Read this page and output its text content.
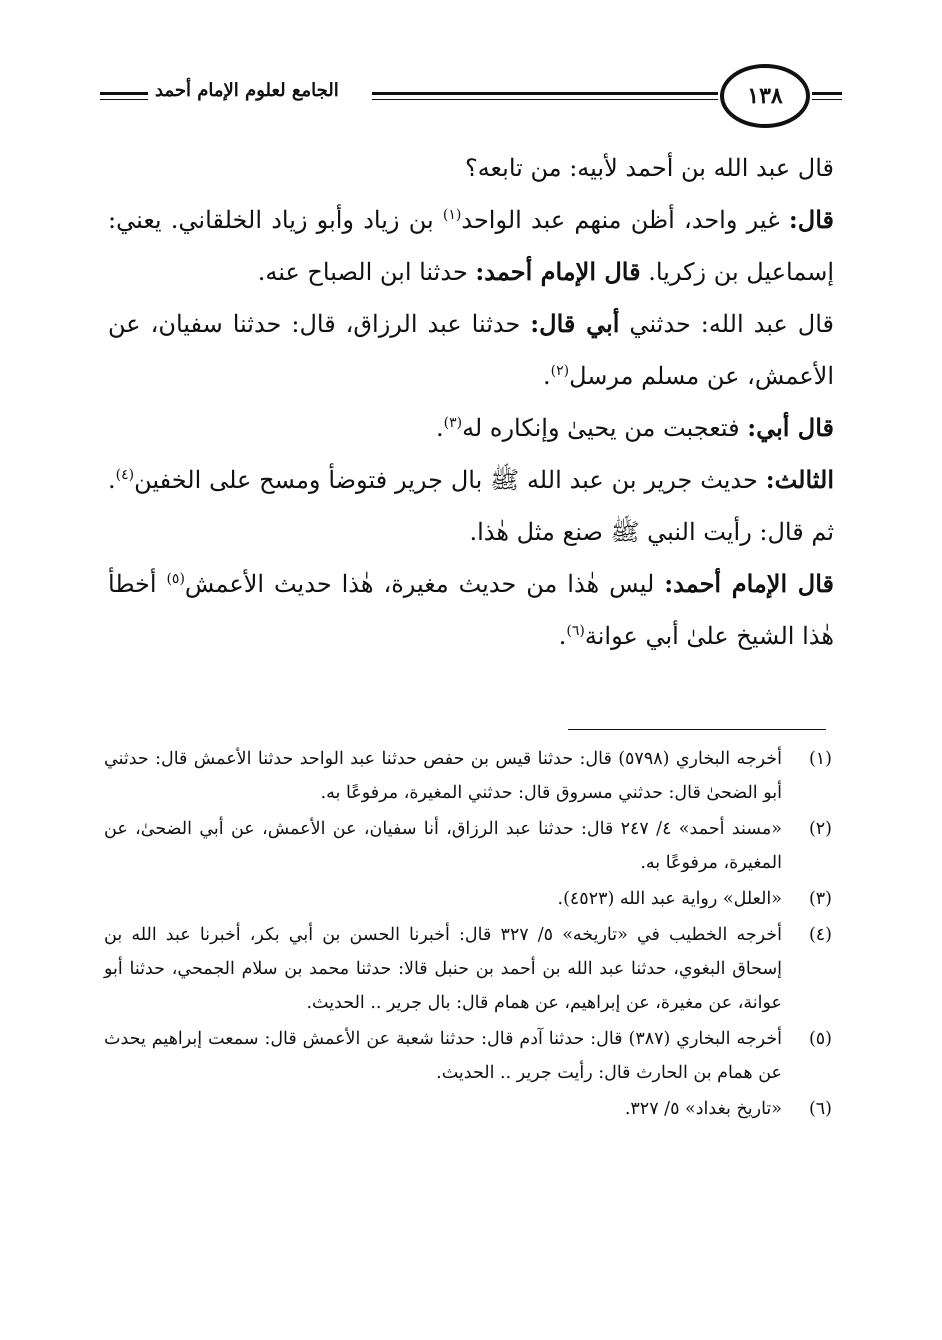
الجامع لعلوم الإمام أحمد	١٣٨

قال عبد الله بن أحمد لأبيه: من تابعه؟

قال: غير واحد، أظن منهم عبد الواحد$^{(١)}$ بن زياد وأبو زياد الخلقاني. يعني: إسماعيل بن زكريا. قال الإمام أحمد: حدثنا ابن الصباح عنه.

قال عبد الله: حدثني أبي قال: حدثنا عبد الرزاق، قال: حدثنا سفيان، عن الأعمش، عن مسلم مرسل$^{(٢)}$.

قال أبي: فتعجبت من يحيىٰ وإنكاره له$^{(٣)}$.

الثالث: حديث جرير بن عبد الله ﷺ بال جرير فتوضأ ومسح على الخفين$^{(٤)}$. ثم قال: رأيت النبي ﷺ صنع مثل هٰذا.

قال الإمام أحمد: ليس هٰذا من حديث مغيرة، هٰذا حديث الأعمش$^{(٥)}$ أخطأ هٰذا الشيخ علىٰ أبي عوانة$^{(٦)}$.

(١)
أخرجه البخاري (٥٧٩٨) قال: حدثنا قيس بن حفص حدثنا عبد الواحد حدثنا الأعمش قال: حدثني أبو الضحىٰ قال: حدثني مسروق قال: حدثني المغيرة، مرفوعًا به.
(٢)
«مسند أحمد» ٤/ ٢٤٧ قال: حدثنا عبد الرزاق، أنا سفيان، عن الأعمش، عن أبي الضحىٰ، عن المغيرة، مرفوعًا به.
(٣)
«العلل» رواية عبد الله (٤٥٢٣).
(٤)
أخرجه الخطيب في «تاريخه» ٥/ ٣٢٧ قال: أخبرنا الحسن بن أبي بكر، أخبرنا عبد الله بن إسحاق البغوي، حدثنا عبد الله بن أحمد بن حنبل قالا: حدثنا محمد بن سلام الجمحي، حدثنا أبو عوانة، عن مغيرة، عن إبراهيم، عن همام قال: بال جرير .. الحديث.
(٥)
أخرجه البخاري (٣٨٧) قال: حدثنا آدم قال: حدثنا شعبة عن الأعمش قال: سمعت إبراهيم يحدث عن همام بن الحارث قال: رأيت جرير .. الحديث.
(٦)
«تاريخ بغداد» ٥/ ٣٢٧.
